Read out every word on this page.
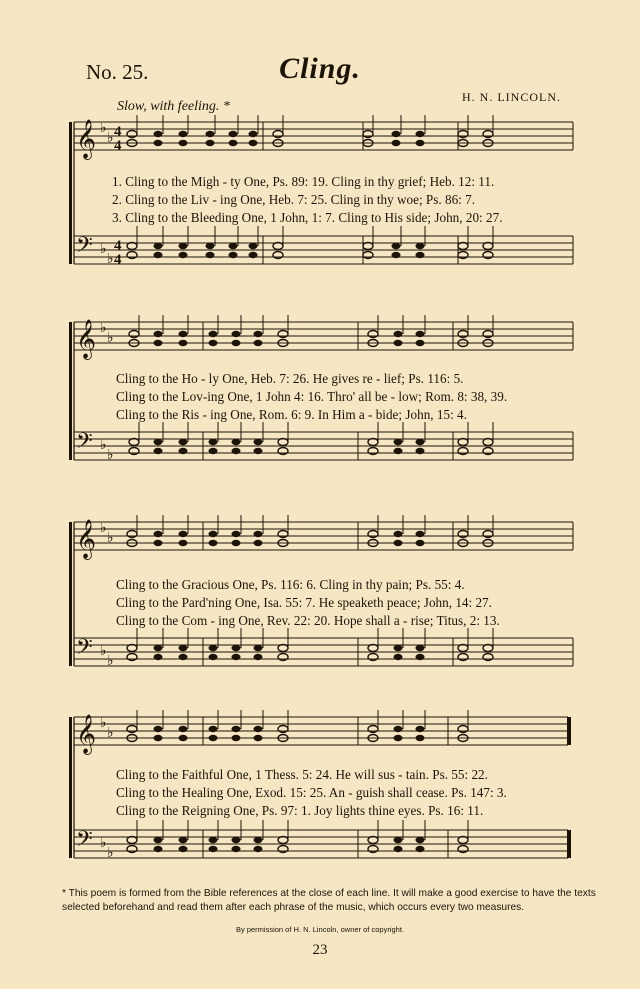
No. 25.	Cling.
H. N. LINCOLN.
Slow, with feeling. *
𝄞 ♭
♭ 4
4
𝄢 ♭
♭
4
4
1. Cling to the Migh - ty One, Ps. 89: 19. Cling in thy grief; Heb. 12: 11.
2. Cling to the Liv - ing One, Heb. 7: 25. Cling in thy woe; Ps. 86: 7.
3. Cling to the Bleeding One, 1 John, 1: 7. Cling to His side; John, 20: 27.
𝄞 ♭
♭
𝄢 ♭
♭
Cling to the Ho - ly One, Heb. 7: 26. He gives re - lief; Ps. 116: 5.
Cling to the Lov-ing One, 1 John 4: 16. Thro' all be - low; Rom. 8: 38, 39.
Cling to the Ris - ing One, Rom. 6: 9. In Him a - bide; John, 15: 4.
𝄞 ♭
♭
𝄢 ♭
♭
Cling to the Gracious One, Ps. 116: 6. Cling in thy pain; Ps. 55: 4.
Cling to the Pard'ning One, Isa. 55: 7. He speaketh peace; John, 14: 27.
Cling to the Com - ing One, Rev. 22: 20. Hope shall a - rise; Titus, 2: 13.
𝄞 ♭
♭
𝄢 ♭
♭
Cling to the Faithful One, 1 Thess. 5: 24. He will sus - tain. Ps. 55: 22.
Cling to the Healing One, Exod. 15: 25. An - guish shall cease. Ps. 147: 3.
Cling to the Reigning One, Ps. 97: 1. Joy lights thine eyes. Ps. 16: 11.
* This poem is formed from the Bible references at the close of each line. It will make a good exercise to have the texts selected beforehand and read them after each phrase of the music, which occurs every two measures.
By permission of H. N. Lincoln, owner of copyright.
23
